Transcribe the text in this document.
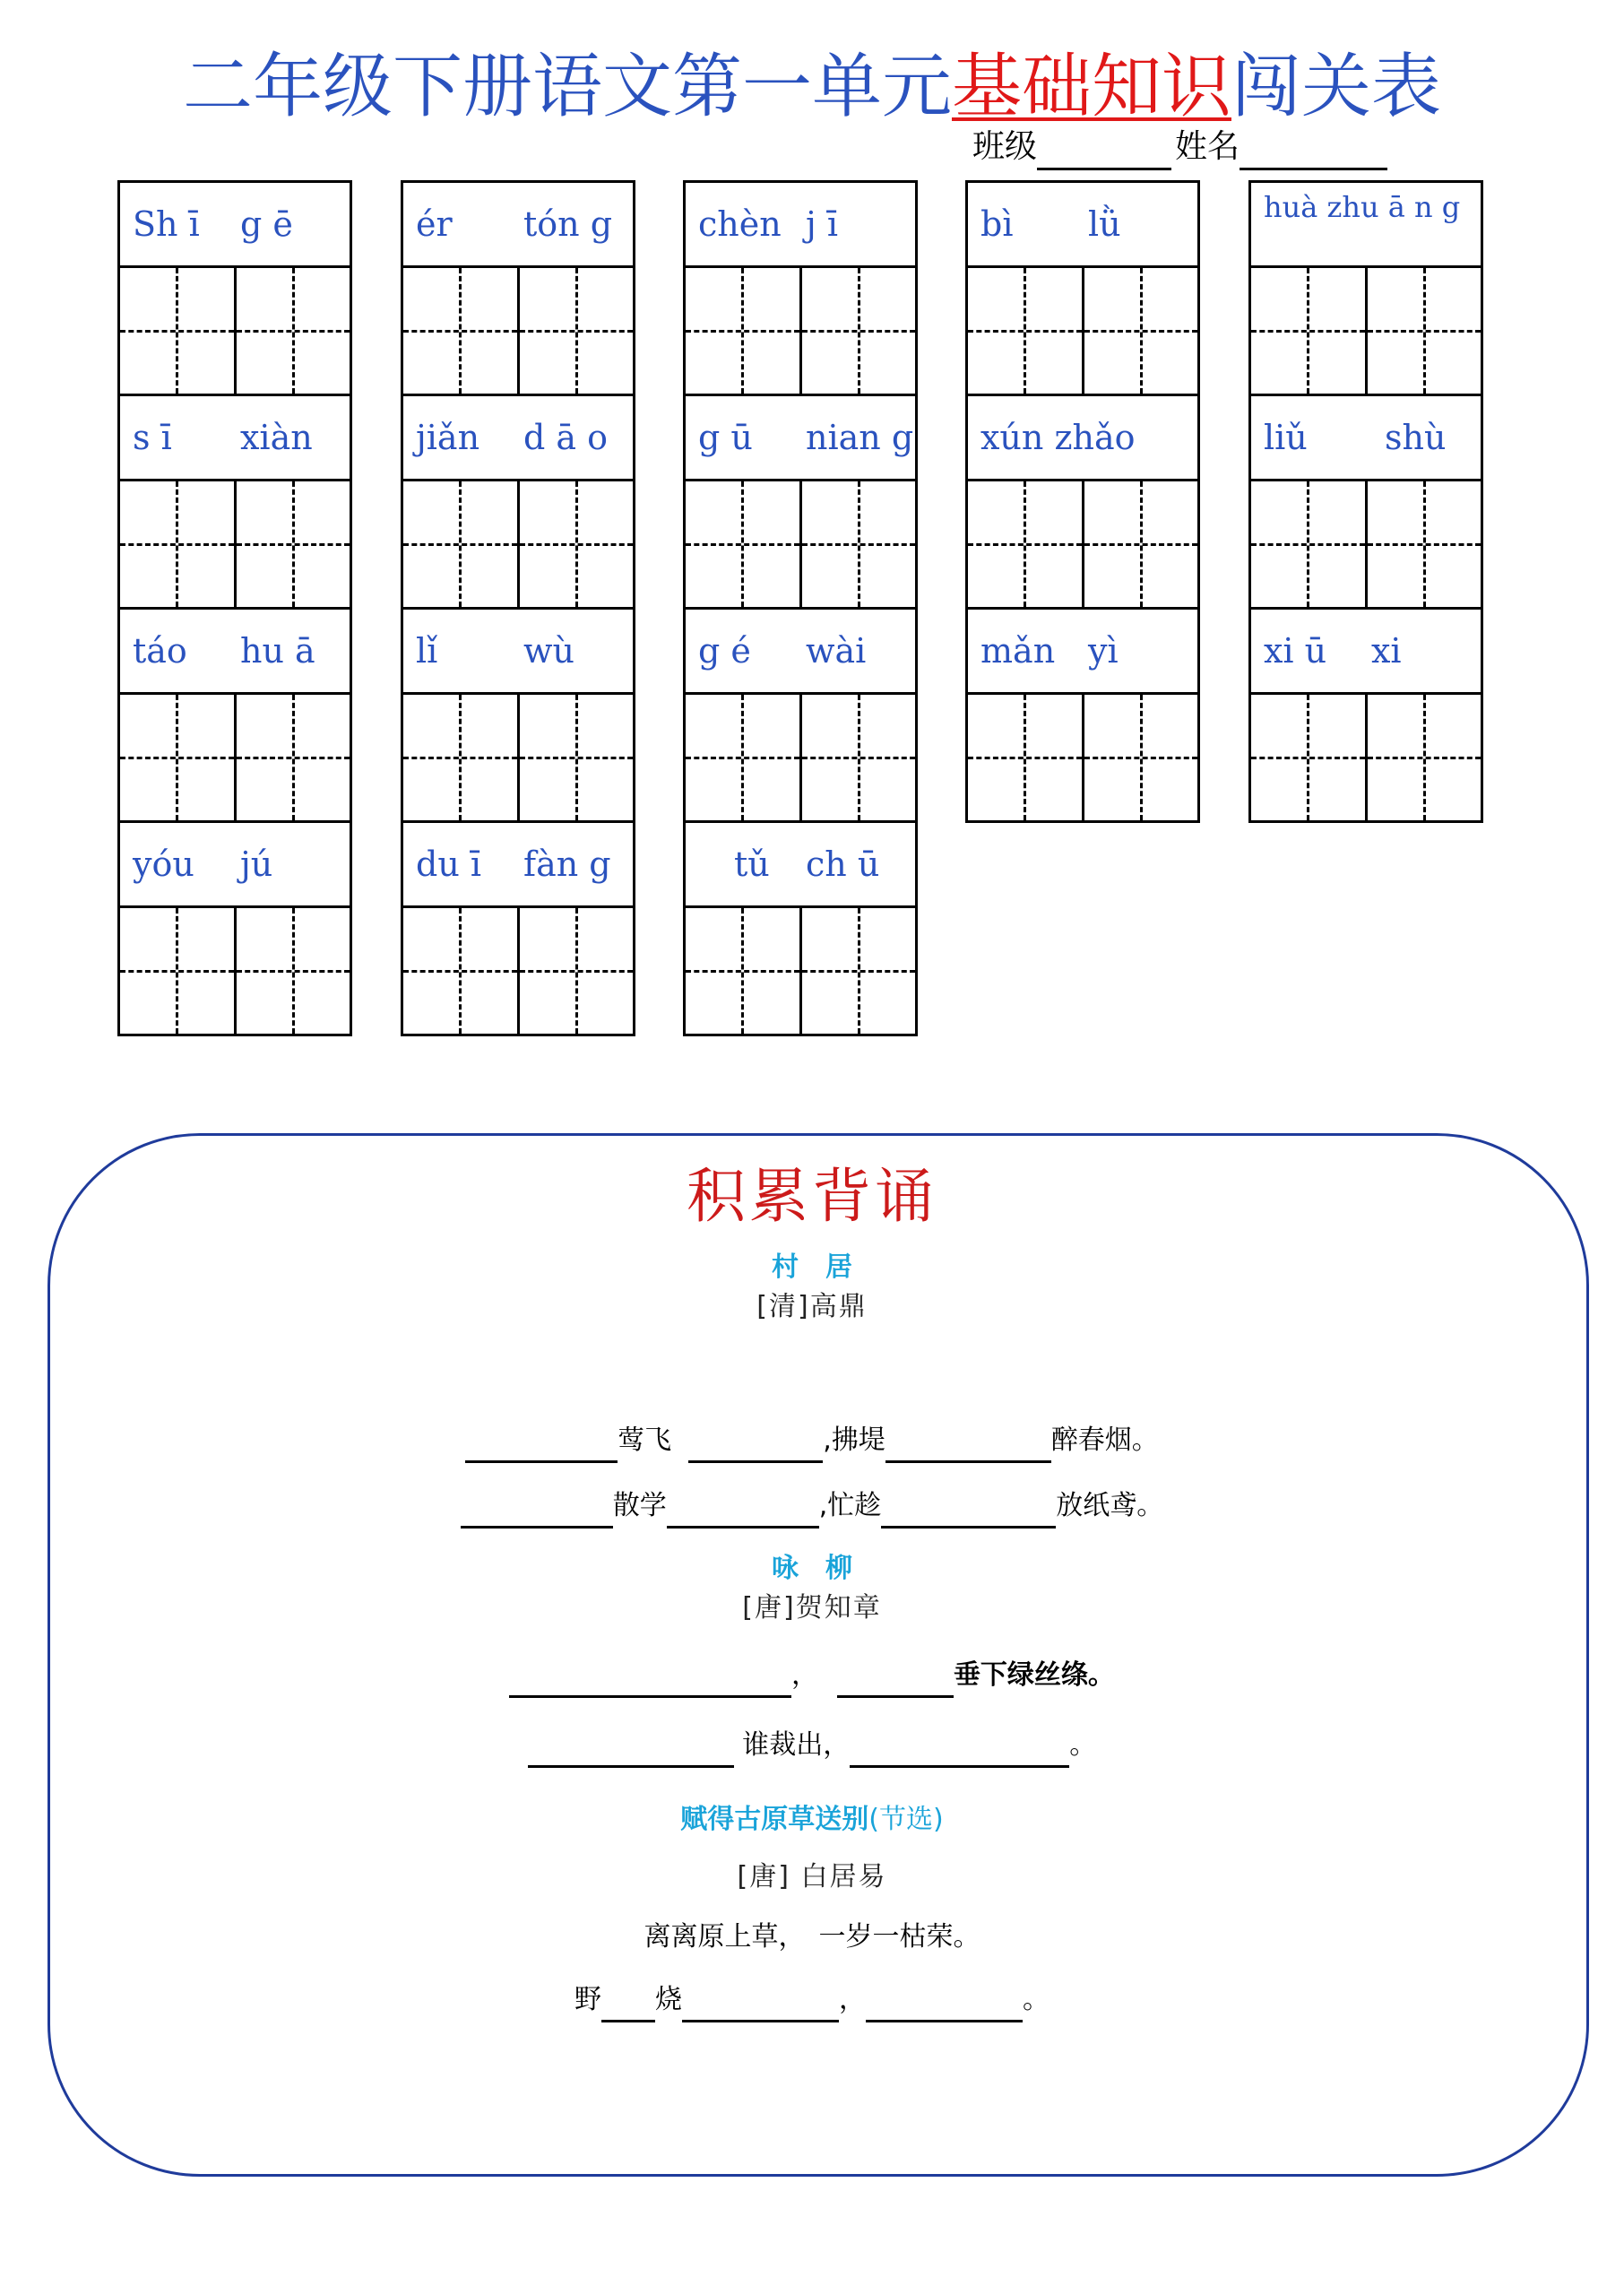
二年级下册语文第一单元基础知识闯关表
班级	姓名
Sh ī	g ē
s ī	xiàn
táo	hu ā
yóu	jú
ér	tón g
jiǎn	d ā o
lǐ	wù
du ī	fàn g
chèn j ī
g ū	nian g
g é	wài
tǔ	ch ū
bì	lǜ
xún zhǎo
mǎn yì
huà zhu ā n g
liǔ	shù
xi ū	xi
积累背诵
村　居
[清]高鼎
莺飞	,拂堤	醉春烟。
散学	,忙趁	放纸鸢。
咏　柳
[唐]贺知章
，	垂下绿丝绦。
谁裁出，	。
赋得古原草送别(节选)
[唐] 白居易
离离原上草，　一岁一枯荣。
野 烧	，	。
